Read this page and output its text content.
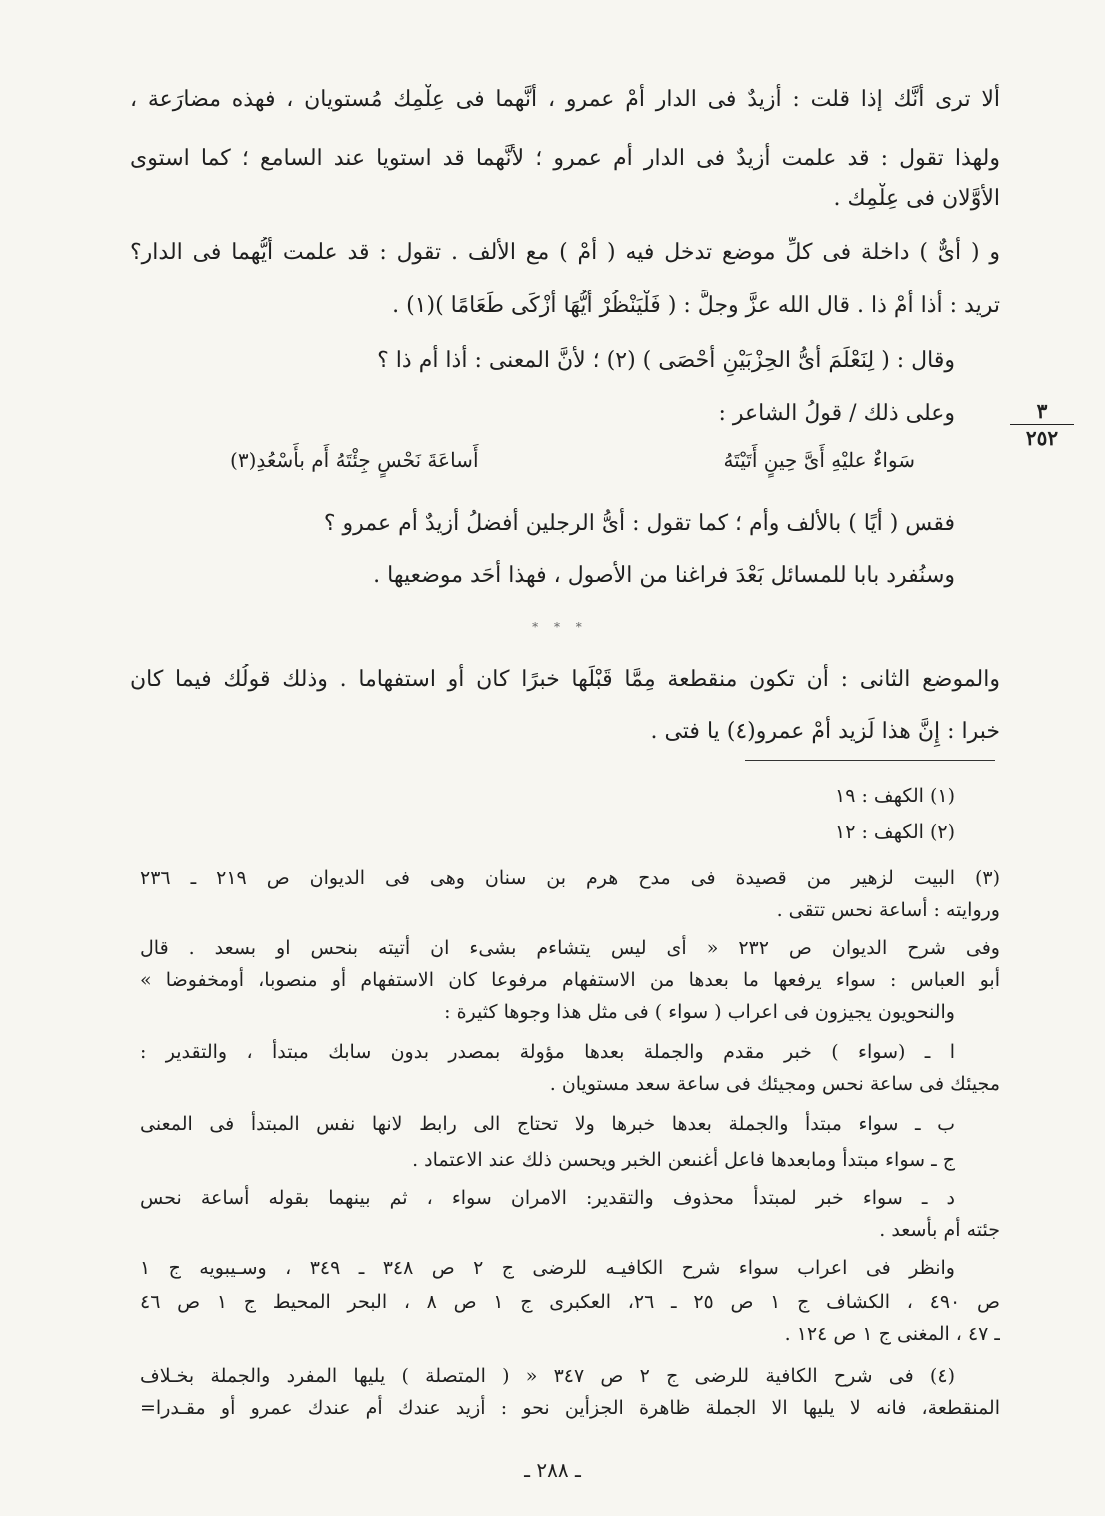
ألا ترى أنَّك إذا قلت : أزيدٌ فى الدار أَمْ عمرو ، أنَّهما فى عِلْمِك مُستويان ، فهذه مضارَعة ،
ولهذا تقول : قد علمت أزيدٌ فى الدار أم عمرو ؛ لأَنَّهما قد استويا عند السامع ؛ كما استوى
الأَوَّلان فى عِلْمِك .
و ( أَىٌّ ) داخلة فى كلِّ موضع تدخل فيه ( أَمْ ) مع الأَلف . تقول : قد علمت أَيُّهما فى الدار؟
تريد : أذا أَمْ ذا . قال الله عزَّ وجلَّ : ( فَلْيَنْظُرْ أَيُّهَا أَزْكَى طَعَامًا )(١) .
وقال : ( لِنَعْلَمَ أَىُّ الحِزْبَيْنِ أَحْصَى ) (٢) ؛ لأَنَّ المعنى : أذا أم ذا ؟
وعلى ذلك / قولُ الشاعر :
سَواءٌ عليْهِ أَىَّ حِينٍ أَتَيْتَهُ
أَساعَةَ نَحْسٍ جِئْتَهُ أَم بأَسْعُدِ(٣)
فقس ( أَيًا ) بالأَلف وأَم ؛ كما تقول : أَىُّ الرجلين أَفضلُ أَزيدٌ أَم عمرو ؟
وسنُفرد بابا للمسائل بَعْدَ فراغنا من الأُصول ، فهذا أَحَد موضعيها .
* * *
والموضع الثانى : أَن تكون منقطعة مِمَّا قَبْلَها خبرًا كان أَو استفهاما . وذلك قولُك فيما كان
خبرا : إِنَّ هذا لَزيد أَمْ عمرو(٤) يا فتى .
٣
٢٥٢
(١) الكهف : ١٩
(٢) الكهف : ١٢
(٣) البيت لزهير من قصيدة فى مدح هرم بن سنان وهى فى الديوان ص ٢١٩ ـ ٢٣٦
وروايته : أساعة نحس تتقى .
وفى شرح الديوان ص ٢٣٢ « أى ليس يتشاءم بشىء ان أتيته بنحس او بسعد . قال
أبو العباس : سواء يرفعها ما بعدها من الاستفهام مرفوعا كان الاستفهام أو منصوبا، أومخفوضا »
والنحويون يجيزون فى اعراب ( سواء ) فى مثل هذا وجوها كثيرة :
ا ـ (سواء ) خبر مقدم والجملة بعدها مؤولة بمصدر بدون سابك مبتدأ ، والتقدير :
مجيئك فى ساعة نحس ومجيئك فى ساعة سعد مستويان .
ب ـ سواء مبتدأ والجملة بعدها خبرها ولا تحتاج الى رابط لانها نفس المبتدأ فى المعنى
ج ـ سواء مبتدأ ومابعدها فاعل أغنىعن الخبر ويحسن ذلك عند الاعتماد .
د ـ سواء خبر لمبتدأ محذوف والتقدير: الامران سواء ، ثم بينهما بقوله أساعة نحس
جئته أم بأسعد .
وانظر فى اعراب سواء شرح الكافيـه للرضى ج ٢ ص ٣٤٨ ـ ٣٤٩ ، وسـيبويه ج ١
ص ٤٩٠ ، الكشاف ج ١ ص ٢٥ ـ ٢٦، العكبرى ج ١ ص ٨ ، البحر المحيط ج ١ ص ٤٦
ـ ٤٧ ، المغنى ج ١ ص ١٢٤ .
(٤) فى شرح الكافية للرضى ج ٢ ص ٣٤٧ « ( المتصلة ) يليها المفرد والجملة بخـلاف
المنقطعة، فانه لا يليها الا الجملة ظاهرة الجزأين نحو : أزيد عندك أم عندك عمرو أو مقـدرا=
ـ ٢٨٨ ـ
